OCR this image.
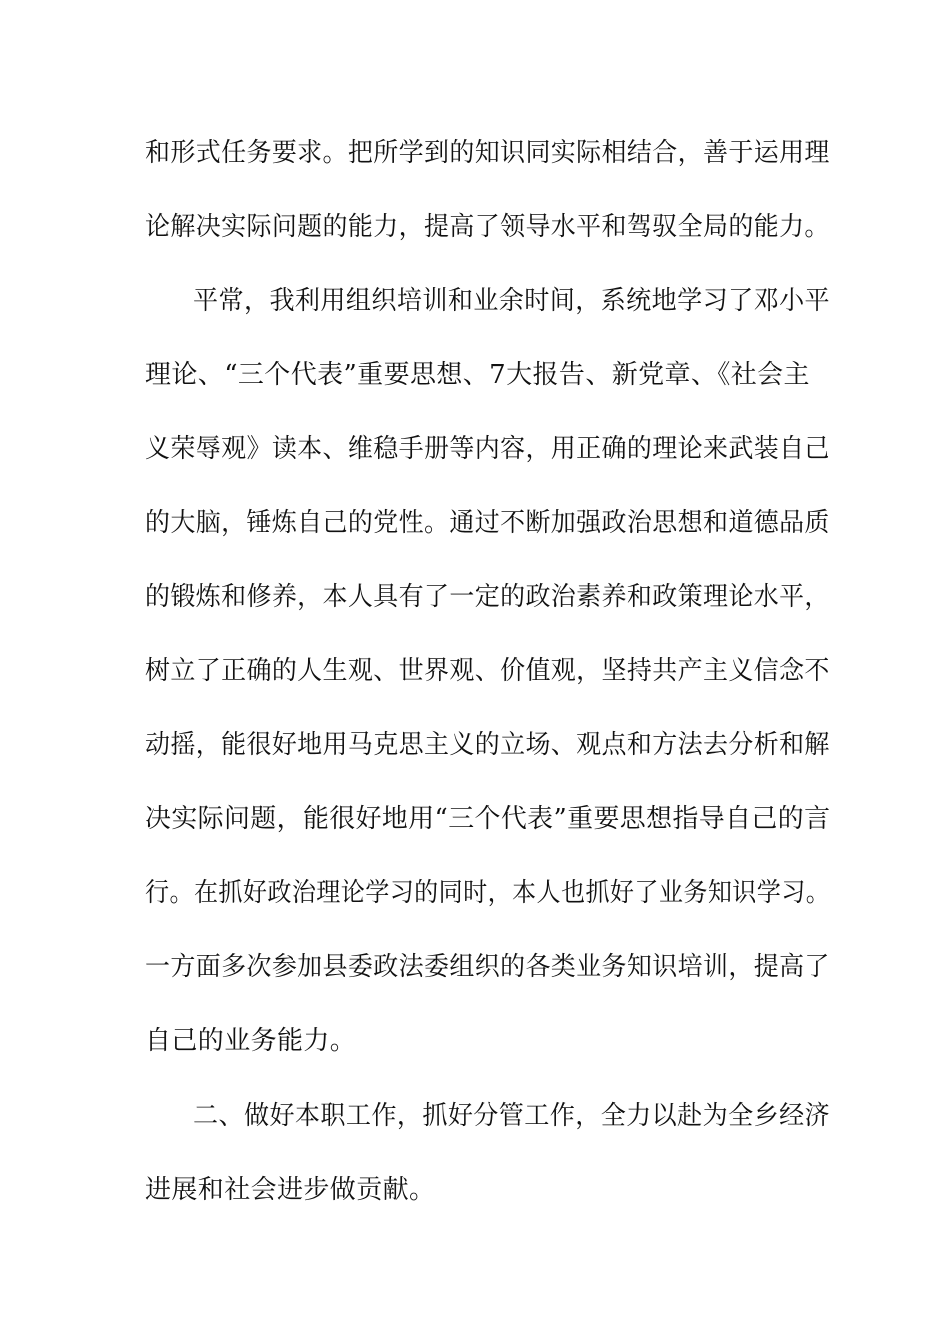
和形式任务要求。把所学到的知识同实际相结合，善于运用理
论解决实际问题的能力，提高了领导水平和驾驭全局的能力。
平常，我利用组织培训和业余时间，系统地学习了邓小平
理论、“三个代表”重要思想、7大报告、新党章、《社会主
义荣辱观》读本、维稳手册等内容，用正确的理论来武装自己
的大脑，锤炼自己的党性。通过不断加强政治思想和道德品质
的锻炼和修养，本人具有了一定的政治素养和政策理论水平，
树立了正确的人生观、世界观、价值观，坚持共产主义信念不
动摇，能很好地用马克思主义的立场、观点和方法去分析和解
决实际问题，能很好地用“三个代表”重要思想指导自己的言
行。在抓好政治理论学习的同时，本人也抓好了业务知识学习。
一方面多次参加县委政法委组织的各类业务知识培训，提高了
自己的业务能力。
二、做好本职工作，抓好分管工作，全力以赴为全乡经济
进展和社会进步做贡献。
